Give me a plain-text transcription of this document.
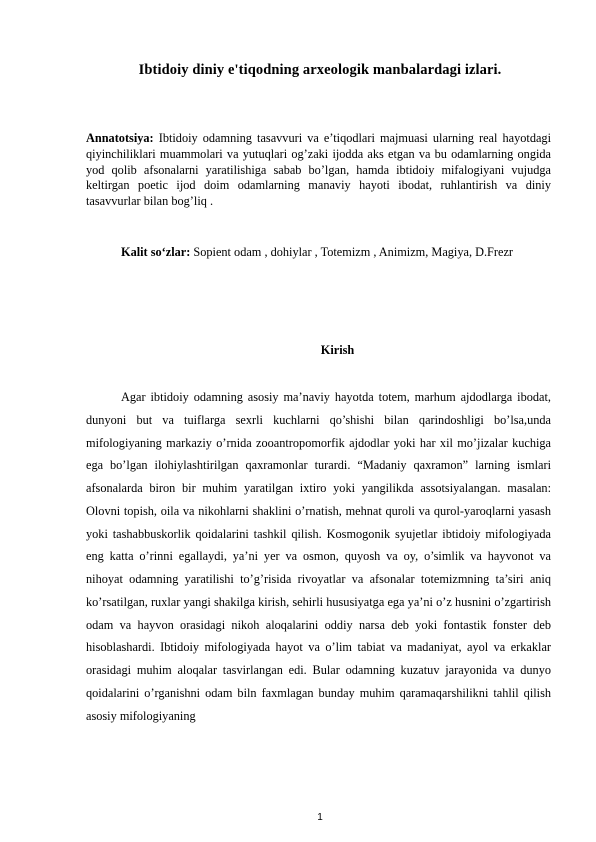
Ibtidoiy diniy e'tiqodning arxeologik manbalardagi izlari.

Annatotsiya: Ibtidoiy odamning tasavvuri va e’tiqodlari majmuasi ularning real hayotdagi qiyinchiliklari muammolari va yutuqlari og’zaki ijodda aks etgan va bu odamlarning ongida yod qolib afsonalarni yaratilishiga sabab bo’lgan, hamda ibtidoiy mifalogiyani vujudga keltirgan poetic ijod doim odamlarning manaviy hayoti ibodat, ruhlantirish va diniy tasavvurlar bilan bog’liq .

Kalit so‘zlar: Sopient odam , dohiylar , Totemizm , Animizm, Magiya, D.Frezr

Kirish

Agar ibtidoiy odamning asosiy ma’naviy hayotda totem, marhum ajdodlarga ibodat, dunyoni but va tuiflarga sexrli kuchlarni qo’shishi bilan qarindoshligi bo’lsa,unda mifologiyaning markaziy o’rnida zooantropomorfik ajdodlar yoki har xil mo’jizalar kuchiga ega bo’lgan ilohiylashtirilgan qaxramonlar turardi. “Madaniy qaxramon” larning ismlari afsonalarda biron bir muhim yaratilgan ixtiro yoki yangilikda assotsiyalangan. masalan: Olovni topish, oila va nikohlarni shaklini o’rnatish, mehnat quroli va qurol-yaroqlarni yasash yoki tashabbuskorlik qoidalarini tashkil qilish. Kosmogonik syujetlar ibtidoiy mifologiyada eng katta o’rinni egallaydi, ya’ni yer va osmon, quyosh va oy, o’simlik va hayvonot va nihoyat odamning yaratilishi to’g’risida rivoyatlar va afsonalar totemizmning ta’siri aniq ko’rsatilgan, ruxlar yangi shakilga kirish, sehirli hususiyatga ega ya’ni o’z husnini o’zgartirish odam va hayvon orasidagi nikoh aloqalarini oddiy narsa deb yoki fontastik fonster deb hisoblashardi. Ibtidoiy mifologiyada hayot va o’lim tabiat va madaniyat, ayol va erkaklar orasidagi muhim aloqalar tasvirlangan edi. Bular odamning kuzatuv jarayonida va dunyo qoidalarini o’rganishni odam biln faxmlagan bunday muhim qaramaqarshilikni tahlil qilish asosiy mifologiyaning

1
